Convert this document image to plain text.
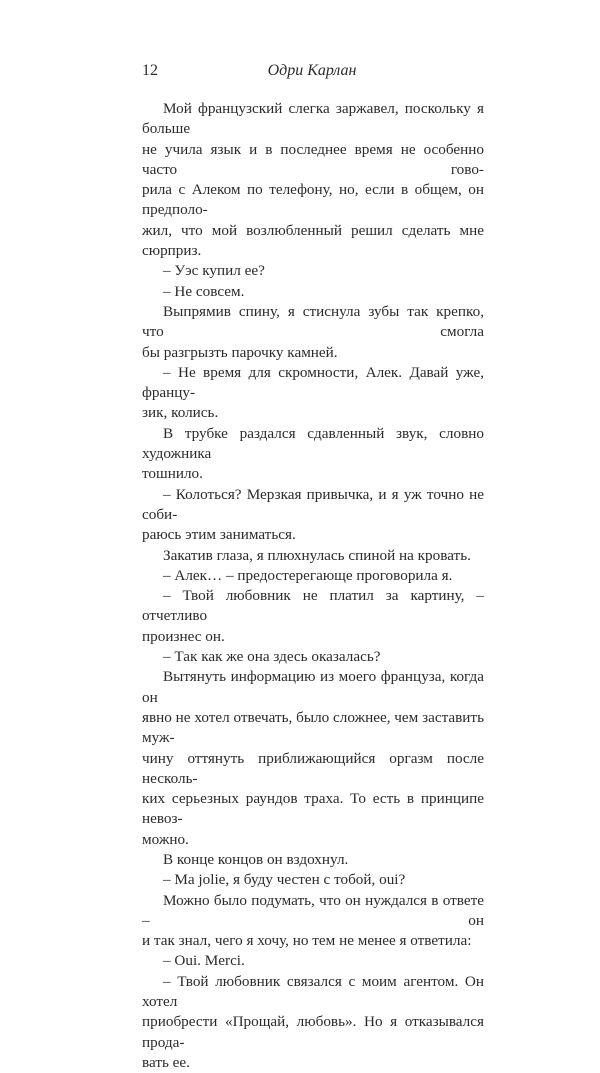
12	Одри Карлан
Мой французский слегка заржавел, поскольку я больше
не учила язык и в последнее время не особенно часто гово-
рила с Алеком по телефону, но, если в общем, он предполо-
жил, что мой возлюбленный решил сделать мне сюрприз.
– Уэс купил ее?
– Не совсем.
Выпрямив спину, я стиснула зубы так крепко, что смогла
бы разгрызть парочку камней.
– Не время для скромности, Алек. Давай уже, францу-
зик, колись.
В трубке раздался сдавленный звук, словно художника
тошнило.
– Колоться? Мерзкая привычка, и я уж точно не соби-
раюсь этим заниматься.
Закатив глаза, я плюхнулась спиной на кровать.
– Алек… – предостерегающе проговорила я.
– Твой любовник не платил за картину, – отчетливо
произнес он.
– Так как же она здесь оказалась?
Вытянуть информацию из моего француза, когда он
явно не хотел отвечать, было сложнее, чем заставить муж-
чину оттянуть приближающийся оргазм после несколь-
ких серьезных раундов траха. То есть в принципе невоз-
можно.
В конце концов он вздохнул.
– Ma jolie, я буду честен с тобой, oui?
Можно было подумать, что он нуждался в ответе – он
и так знал, чего я хочу, но тем не менее я ответила:
– Oui. Merci.
– Твой любовник связался с моим агентом. Он хотел
приобрести «Прощай, любовь». Но я отказывался прода-
вать ее.
